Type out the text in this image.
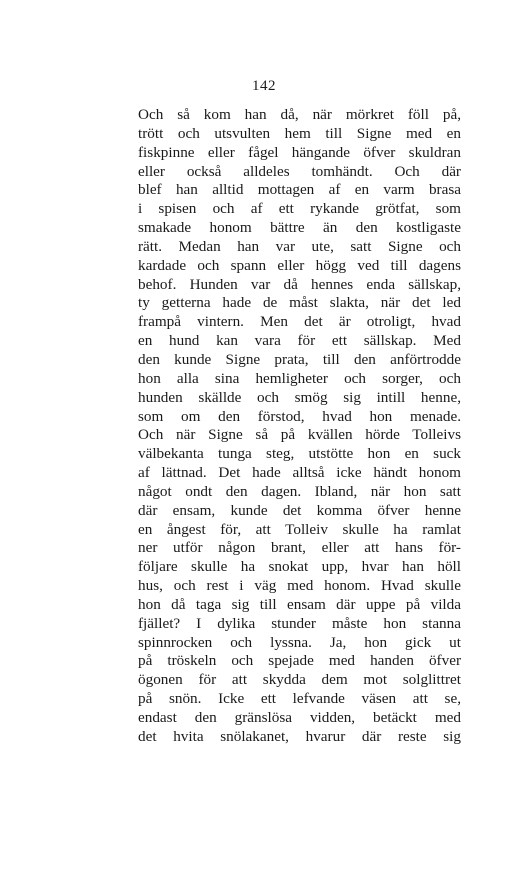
142
Och så kom han då, när mörkret föll på,
trött och utsvulten hem till Signe med en
fiskpinne eller fågel hängande öfver skuldran
eller också alldeles tomhändt. Och där
blef han alltid mottagen af en varm brasa
i spisen och af ett rykande grötfat, som
smakade honom bättre än den kostligaste
rätt. Medan han var ute, satt Signe och
kardade och spann eller högg ved till dagens
behof. Hunden var då hennes enda sällskap,
ty getterna hade de måst slakta, när det led
frampå vintern. Men det är otroligt, hvad
en hund kan vara för ett sällskap. Med
den kunde Signe prata, till den anförtrodde
hon alla sina hemligheter och sorger, och
hunden skällde och smög sig intill henne,
som om den förstod, hvad hon menade.
Och när Signe så på kvällen hörde Tolleivs
välbekanta tunga steg, utstötte hon en suck
af lättnad. Det hade alltså icke händt honom
något ondt den dagen. Ibland, när hon satt
där ensam, kunde det komma öfver henne
en ångest för, att Tolleiv skulle ha ramlat
ner utför någon brant, eller att hans för-
följare skulle ha snokat upp, hvar han höll
hus, och rest i väg med honom. Hvad skulle
hon då taga sig till ensam där uppe på vilda
fjället? I dylika stunder måste hon stanna
spinnrocken och lyssna. Ja, hon gick ut
på tröskeln och spejade med handen öfver
ögonen för att skydda dem mot solglittret
på snön. Icke ett lefvande väsen att se,
endast den gränslösa vidden, betäckt med
det hvita snölakanet, hvarur där reste sig
